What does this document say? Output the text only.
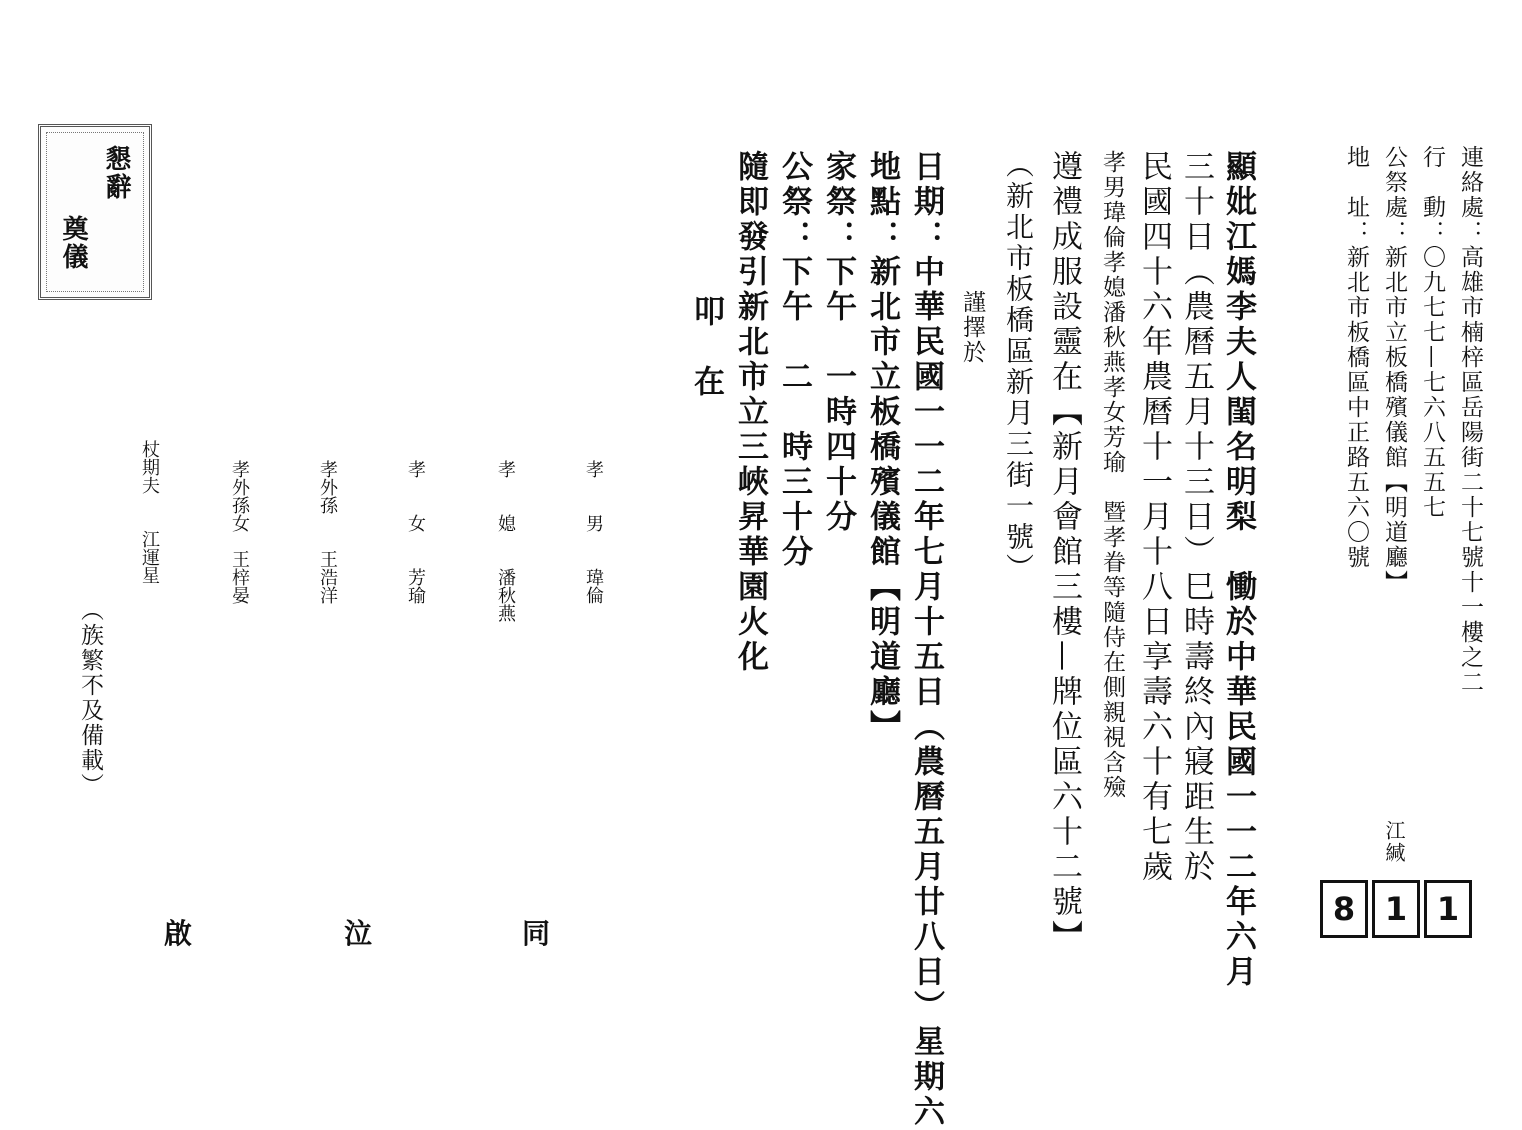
連絡處：高雄市楠梓區岳陽街二十七號十一樓之二
行　動：〇九七七—七六八五五七
公祭處：新北市立板橋殯儀館【明道廳】
地　址：新北市板橋區中正路五六〇號
江緘
8 1 1
顯妣江媽李夫人閨名明梨　慟於中華民國一一二年六月
三十日（農曆五月十三日）巳時壽終內寢距生於
民國四十六年農曆十一月十八日享壽六十有七歲
孝男瑋倫孝媳潘秋燕孝女芳瑜　暨孝眷等隨侍在側親視含殮
遵禮成服設靈在【新月會館三樓—牌位區六十二號】
（新北市板橋區新月三街一號）
謹擇於
日期：中華民國一一二年七月十五日（農曆五月廿八日）星期六
地點：新北市立板橋殯儀館【明道廳】
家祭：下午　一時四十分
公祭：下午　二　時三十分
隨即發引新北市立三峽昇華園火化
叩　在
懇辭
奠儀
孝　　男　　瑋倫
孝　　媳　　潘秋燕
孝　　女　　芳瑜
孝外孫　　王浩洋
孝外孫女　王梓晏
杖期夫　　江運星
（族繁不及備載）
同
泣
啟
